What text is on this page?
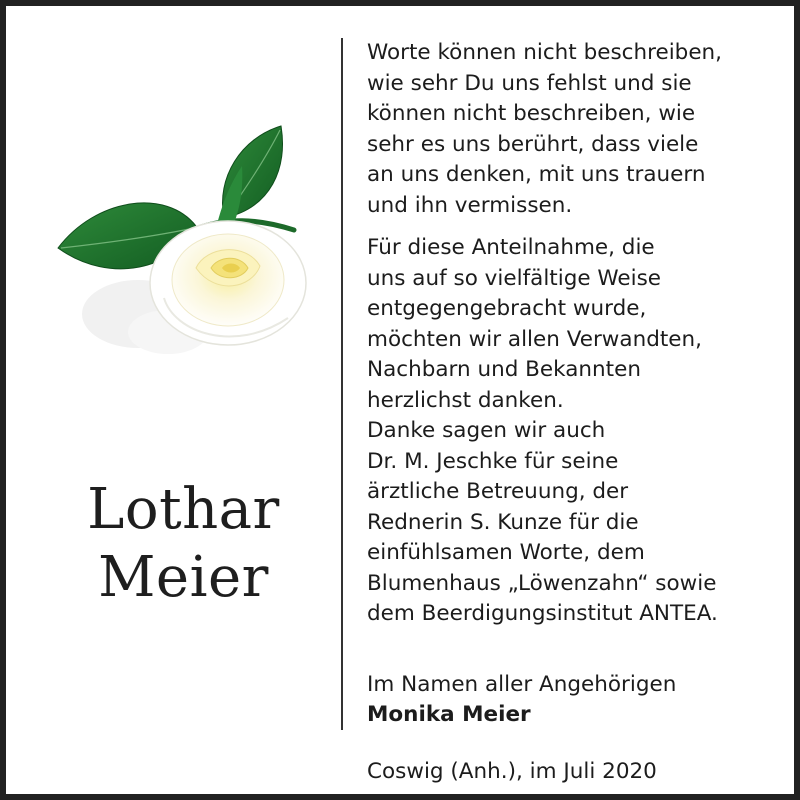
Lothar
Meier
Worte können nicht beschreiben,
wie sehr Du uns fehlst und sie
können nicht beschreiben, wie
sehr es uns berührt, dass viele
an uns denken, mit uns trauern
und ihn vermissen.
Für diese Anteilnahme, die
uns auf so vielfältige Weise
entgegengebracht wurde,
möchten wir allen Verwandten,
Nachbarn und Bekannten
herzlichst danken.
Danke sagen wir auch
Dr. M. Jeschke für seine
ärztliche Betreuung, der
Rednerin S. Kunze für die
einfühlsamen Worte, dem
Blumenhaus „Löwenzahn“ sowie
dem Beerdigungsinstitut ANTEA.
Im Namen aller Angehörigen
Monika Meier
Coswig (Anh.), im Juli 2020
